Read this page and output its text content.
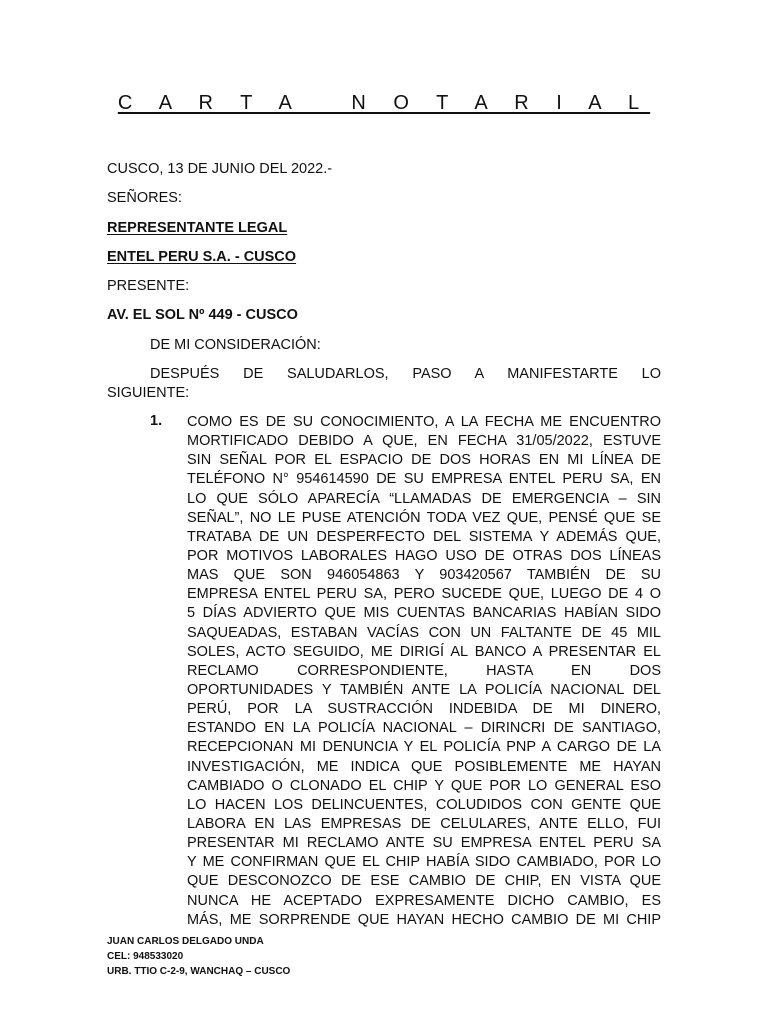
C A R T A   N O T A R I A L
CUSCO, 13 DE JUNIO DEL 2022.-
SEÑORES:
REPRESENTANTE LEGAL
ENTEL PERU S.A. - CUSCO
PRESENTE:
AV. EL SOL Nº 449 - CUSCO
DE MI CONSIDERACIÓN:
DESPUÉS DE SALUDARLOS, PASO A MANIFESTARTE LO
SIGUIENTE:
1. COMO ES DE SU CONOCIMIENTO, A LA FECHA ME ENCUENTRO
MORTIFICADO DEBIDO A QUE, EN FECHA 31/05/2022, ESTUVE
SIN SEÑAL POR EL ESPACIO DE DOS HORAS EN MI LÍNEA DE
TELÉFONO N° 954614590 DE SU EMPRESA ENTEL PERU SA, EN
LO QUE SÓLO APARECÍA “LLAMADAS DE EMERGENCIA – SIN
SEÑAL”, NO LE PUSE ATENCIÓN TODA VEZ QUE, PENSÉ QUE SE
TRATABA DE UN DESPERFECTO DEL SISTEMA Y ADEMÁS QUE,
POR MOTIVOS LABORALES HAGO USO DE OTRAS DOS LÍNEAS
MAS QUE SON 946054863 Y 903420567 TAMBIÉN DE SU
EMPRESA ENTEL PERU SA, PERO SUCEDE QUE, LUEGO DE 4 O
5 DÍAS ADVIERTO QUE MIS CUENTAS BANCARIAS HABÍAN SIDO
SAQUEADAS, ESTABAN VACÍAS CON UN FALTANTE DE 45 MIL
SOLES, ACTO SEGUIDO, ME DIRIGÍ AL BANCO A PRESENTAR EL
RECLAMO CORRESPONDIENTE, HASTA EN DOS
OPORTUNIDADES Y TAMBIÉN ANTE LA POLICÍA NACIONAL DEL
PERÚ, POR LA SUSTRACCIÓN INDEBIDA DE MI DINERO,
ESTANDO EN LA POLICÍA NACIONAL – DIRINCRI DE SANTIAGO,
RECEPCIONAN MI DENUNCIA Y EL POLICÍA PNP A CARGO DE LA
INVESTIGACIÓN, ME INDICA QUE POSIBLEMENTE ME HAYAN
CAMBIADO O CLONADO EL CHIP Y QUE POR LO GENERAL ESO
LO HACEN LOS DELINCUENTES, COLUDIDOS CON GENTE QUE
LABORA EN LAS EMPRESAS DE CELULARES, ANTE ELLO, FUI
PRESENTAR MI RECLAMO ANTE SU EMPRESA ENTEL PERU SA
Y ME CONFIRMAN QUE EL CHIP HABÍA SIDO CAMBIADO, POR LO
QUE DESCONOZCO DE ESE CAMBIO DE CHIP, EN VISTA QUE
NUNCA HE ACEPTADO EXPRESAMENTE DICHO CAMBIO, ES
MÁS, ME SORPRENDE QUE HAYAN HECHO CAMBIO DE MI CHIP
JUAN CARLOS DELGADO UNDA
CEL: 948533020
URB. TTIO C-2-9, WANCHAQ – CUSCO
